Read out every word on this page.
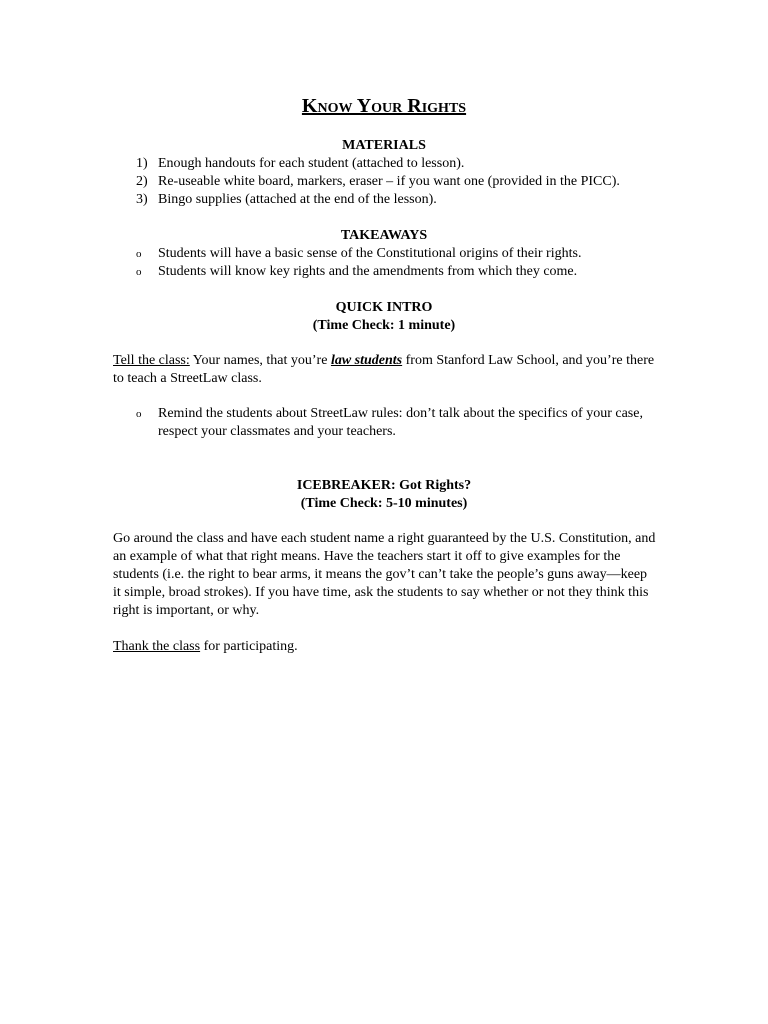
Know Your Rights
MATERIALS
1) Enough handouts for each student (attached to lesson).
2) Re-useable white board, markers, eraser – if you want one (provided in the PICC).
3) Bingo supplies (attached at the end of the lesson).
TAKEAWAYS
o	Students will have a basic sense of the Constitutional origins of their rights.
o	Students will know key rights and the amendments from which they come.
QUICK INTRO
(Time Check: 1 minute)
Tell the class: Your names, that you’re law students from Stanford Law School, and you’re there to teach a StreetLaw class.
o	Remind the students about StreetLaw rules: don’t talk about the specifics of your case, respect your classmates and your teachers.
ICEBREAKER: Got Rights?
(Time Check: 5-10 minutes)
Go around the class and have each student name a right guaranteed by the U.S. Constitution, and an example of what that right means. Have the teachers start it off to give examples for the students (i.e. the right to bear arms, it means the gov’t can’t take the people’s guns away—keep it simple, broad strokes). If you have time, ask the students to say whether or not they think this right is important, or why.
Thank the class for participating.
